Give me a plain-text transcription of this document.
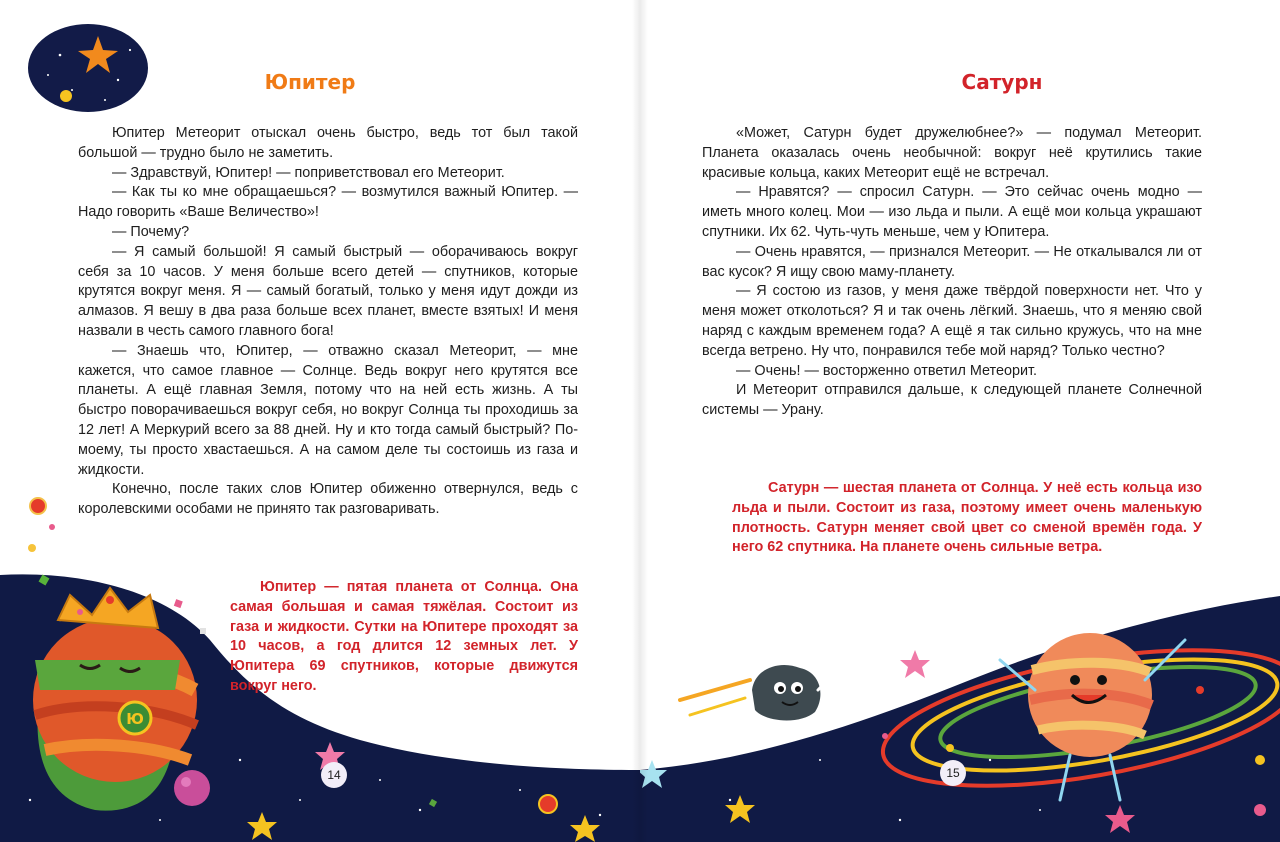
Ю
Юпитер

Юпитер Метеорит отыскал очень быстро, ведь тот был такой большой — трудно было не заметить.

— Здравствуй, Юпитер! — поприветствовал его Метеорит.

— Как ты ко мне обращаешься? — возмутился важный Юпитер. — Надо говорить «Ваше Величество»!

— Почему?

— Я самый большой! Я самый быстрый — оборачиваюсь вокруг себя за 10 часов. У меня больше всего детей — спутников, которые крутятся вокруг меня. Я — самый богатый, только у меня идут дожди из алмазов. Я вешу в два раза больше всех планет, вместе взятых! И меня назвали в честь самого главного бога!

— Знаешь что, Юпитер, — отважно сказал Метеорит, — мне кажется, что самое главное — Солнце. Ведь вокруг него крутятся все планеты. А ещё главная Земля, потому что на ней есть жизнь. А ты быстро поворачиваешься вокруг себя, но вокруг Солнца ты проходишь за 12 лет! А Меркурий всего за 88 дней. Ну и кто тогда самый быстрый? По-моему, ты просто хвастаешься. А на самом деле ты состоишь из газа и жидкости.

Конечно, после таких слов Юпитер обиженно отвернулся, ведь с королевскими особами не принято так разговаривать.

Юпитер — пятая планета от Солнца. Она самая большая и самая тяжёлая. Состоит из газа и жидкости. Сутки на Юпитере проходят за 10 часов, а год длится 12 земных лет. У Юпитера 69 спутников, которые движутся вокруг него.

14
Сатурн

«Может, Сатурн будет дружелюбнее?» — подумал Метеорит. Планета оказалась очень необычной: вокруг неё крутились такие красивые кольца, каких Метеорит ещё не встречал.

— Нравятся? — спросил Сатурн. — Это сейчас очень модно — иметь много колец. Мои — изо льда и пыли. А ещё мои кольца украшают спутники. Их 62. Чуть-чуть меньше, чем у Юпитера.

— Очень нравятся, — признался Метеорит. — Не откалывался ли от вас кусок? Я ищу свою маму-планету.

— Я состою из газов, у меня даже твёрдой поверхности нет. Что у меня может отколоться? Я и так очень лёгкий. Знаешь, что я меняю свой наряд с каждым временем года? А ещё я так сильно кружусь, что на мне всегда ветрено. Ну что, понравился тебе мой наряд? Только честно?

— Очень! — восторженно ответил Метеорит.

И Метеорит отправился дальше, к следующей планете Солнечной системы — Урану.

Сатурн — шестая планета от Солнца. У неё есть кольца изо льда и пыли. Состоит из газа, поэтому имеет очень маленькую плотность. Сатурн меняет свой цвет со сменой времён года. У него 62 спутника. На планете очень сильные ветра.

15
